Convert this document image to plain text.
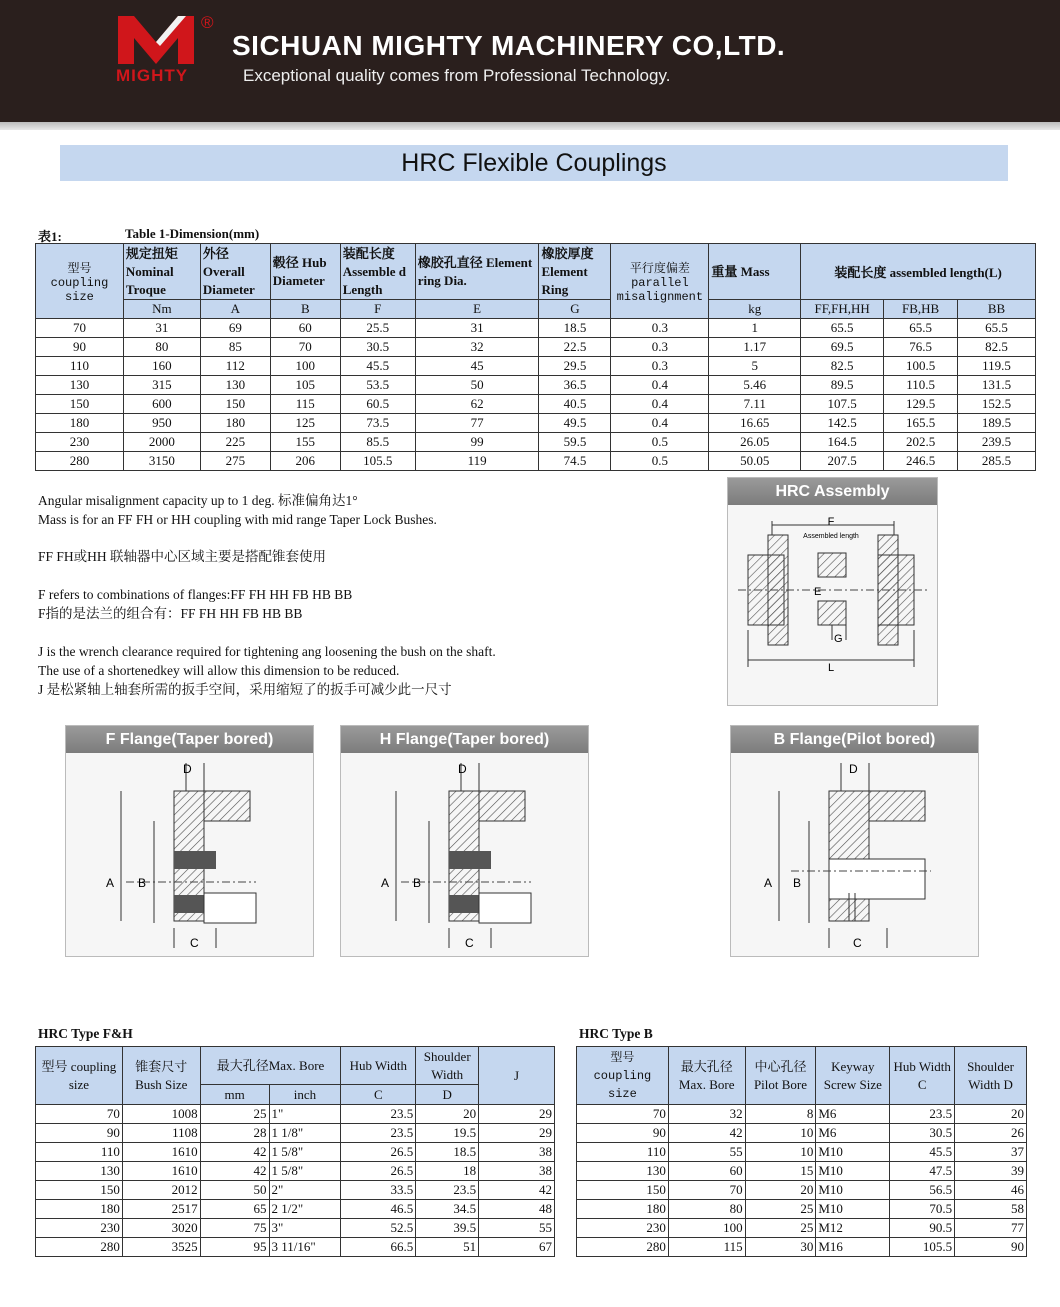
®
MIGHTY
SICHUAN MIGHTY MACHINERY CO,LTD.
Exceptional quality comes from Professional Technology.
HRC Flexible Couplings
表1:	Table 1-Dimension(mm)
型号 coupling size	规定扭矩 Nominal Troque	外径 Overall Diameter	毂径 Hub Diameter	装配长度 Assemble d Length	橡胶孔直径 Element ring Dia.	橡胶厚度 Element Ring	平行度偏差 parallel misalignment	重量 Mass	装配长度 assembled length(L)		
	Nm	A	B	F	E	G		kg	FF,FH,HH	FB,HB	BB
70	31	69	60	25.5	31	18.5	0.3	1	65.5	65.5	65.5
90	80	85	70	30.5	32	22.5	0.3	1.17	69.5	76.5	82.5
110	160	112	100	45.5	45	29.5	0.3	5	82.5	100.5	119.5
130	315	130	105	53.5	50	36.5	0.4	5.46	89.5	110.5	131.5
150	600	150	115	60.5	62	40.5	0.4	7.11	107.5	129.5	152.5
180	950	180	125	73.5	77	49.5	0.4	16.65	142.5	165.5	189.5
230	2000	225	155	85.5	99	59.5	0.5	26.05	164.5	202.5	239.5
280	3150	275	206	105.5	119	74.5	0.5	50.05	207.5	246.5	285.5
Angular misalignment capacity up to 1 deg. 标准偏角达1°
Mass is for an FF FH or HH coupling with mid range Taper Lock Bushes.
FF FH或HH 联轴器中心区域主要是搭配锥套使用
F refers to combinations of flanges:FF FH HH FB HB BB
F指的是法兰的组合有：FF FH HH FB HB BB
J is the wrench clearance required for tightening ang loosening the bush on the shaft.
The use of a shortenedkey will allow this dimension to be reduced.
J 是松紧轴上轴套所需的扳手空间，采用缩短了的扳手可减少此一尺寸
HRC Assembly
F
Assembled length
E
G
L
F Flange(Taper bored)
D
A B
C
H Flange(Taper bored)
D
A B
C
B Flange(Pilot bored)
D
A B
C
HRC Type F&H
型号 coupling size	锥套尺寸 Bush Size	最大孔径Max. Bore		Hub Width	Shoulder Width	J
		mm	inch	C	D	
70	1008	25	1"	23.5	20	29
90	1108	28	1 1/8"	23.5	19.5	29
110	1610	42	1 5/8"	26.5	18.5	38
130	1610	42	1 5/8"	26.5	18	38
150	2012	50	2"	33.5	23.5	42
180	2517	65	2 1/2"	46.5	34.5	48
230	3020	75	3"	52.5	39.5	55
280	3525	95	3 11/16"	66.5	51	67
HRC Type B
型号 coupling size	最大孔径 Max. Bore	中心孔径 Pilot Bore	Keyway Screw Size	Hub Width C	Shoulder Width D
70	32	8	M6	23.5	20
90	42	10	M6	30.5	26
110	55	10	M10	45.5	37
130	60	15	M10	47.5	39
150	70	20	M10	56.5	46
180	80	25	M10	70.5	58
230	100	25	M12	90.5	77
280	115	30	M16	105.5	90
